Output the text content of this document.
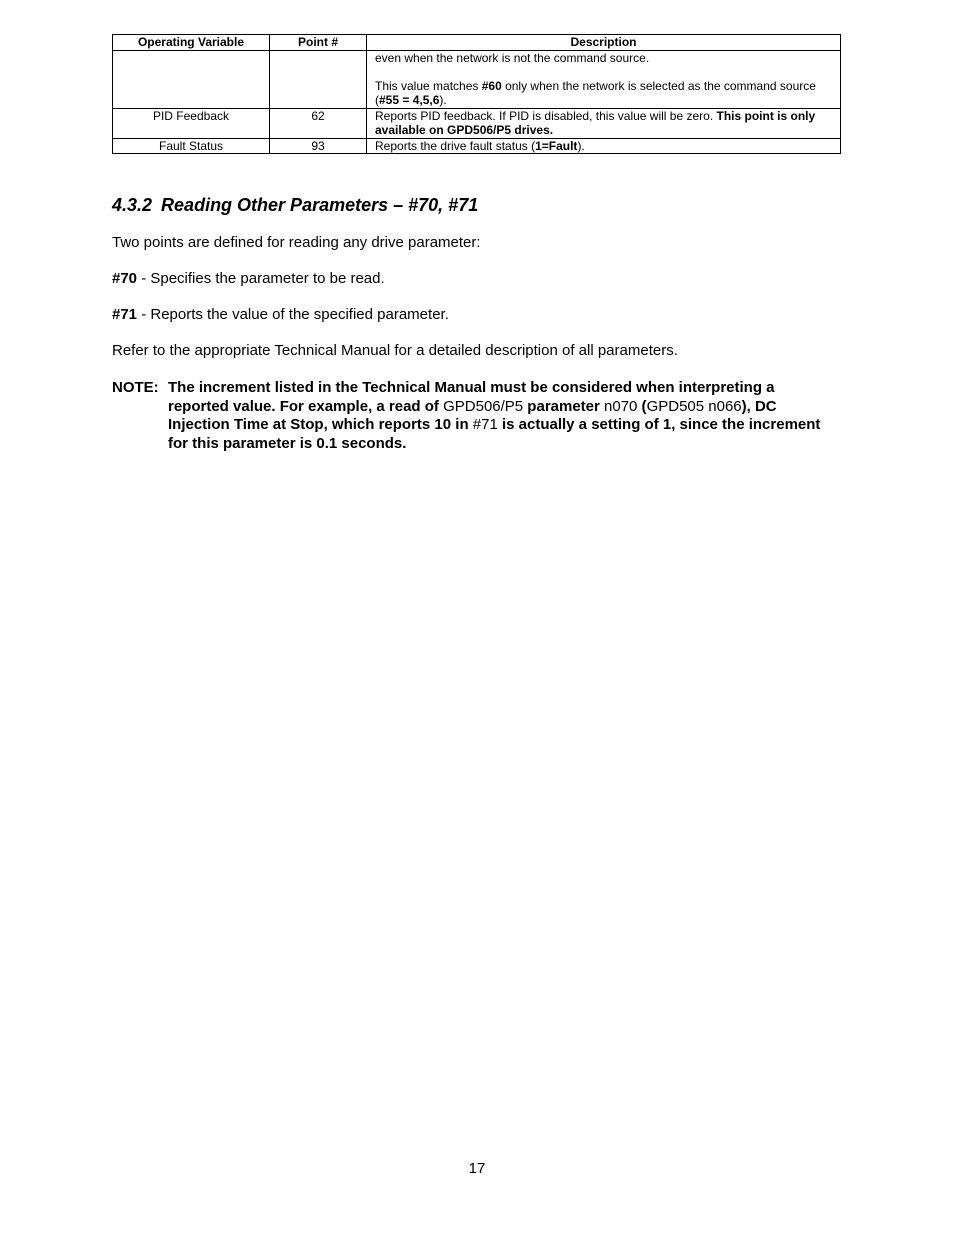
Operating Variable	Point #	Description
		even when the network is not the command source.
This value matches #60 only when the network is selected as the command source (#55 = 4,5,6).
PID Feedback	62	Reports PID feedback. If PID is disabled, this value will be zero. This point is only available on GPD506/P5 drives.
Fault Status	93	Reports the drive fault status (1=Fault).
4.3.2 Reading Other Parameters – #70, #71

Two points are defined for reading any drive parameter:

#70 - Specifies the parameter to be read.

#71 - Reports the value of the specified parameter.

Refer to the appropriate Technical Manual for a detailed description of all parameters.

NOTE: The increment listed in the Technical Manual must be considered when interpreting a reported value. For example, a read of GPD506/P5 parameter n070 (GPD505 n066), DC Injection Time at Stop, which reports 10 in #71 is actually a setting of 1, since the increment for this parameter is 0.1 seconds.
17
